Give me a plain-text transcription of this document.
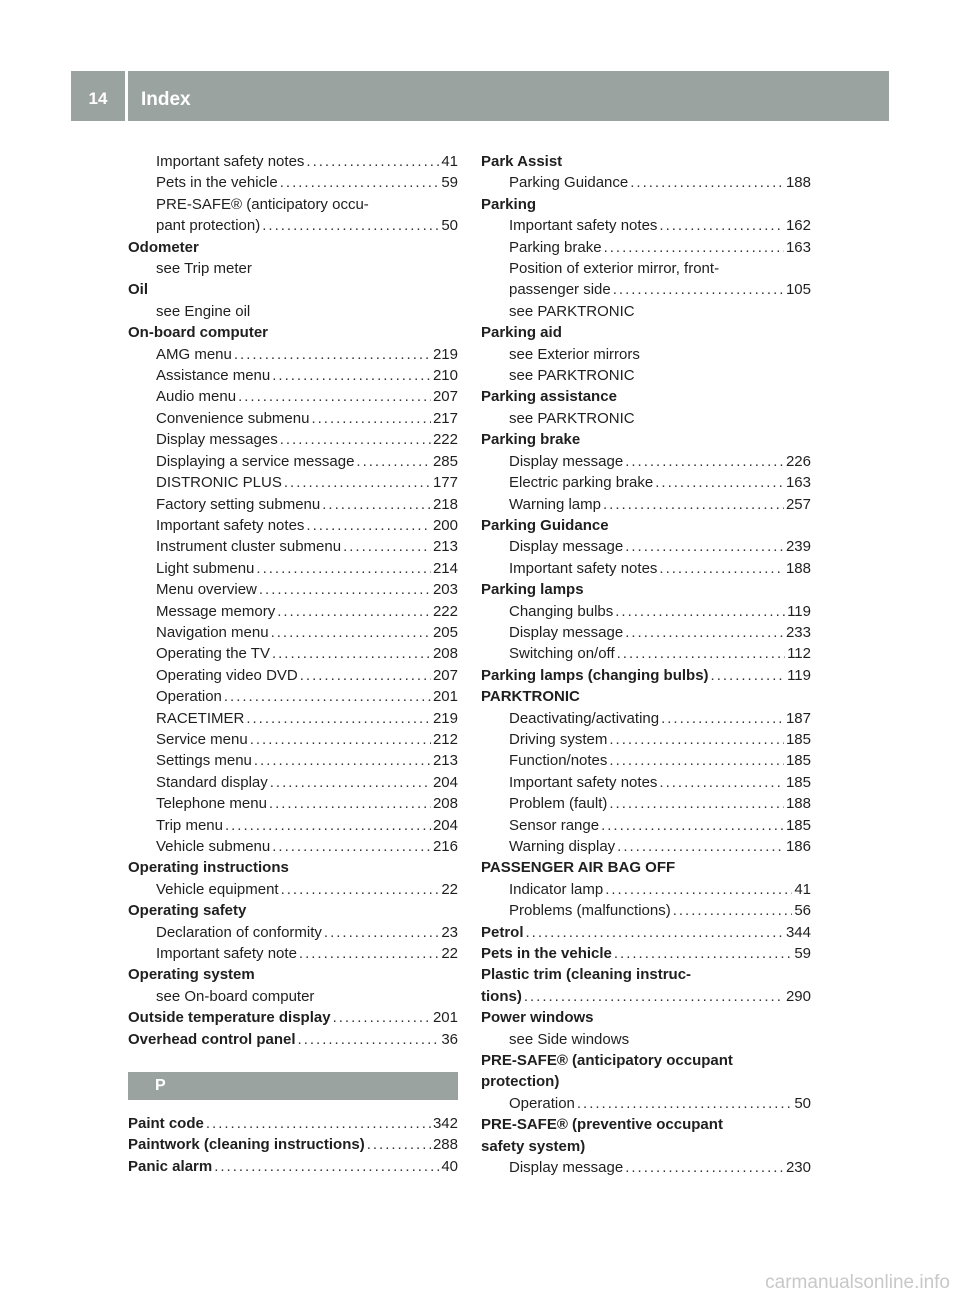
14	Index
Important safety notes .....	41
Pets in the vehicle .....	59
PRE-SAFE® (anticipatory occu-
pant protection) .....	50
Odometer
see Trip meter
Oil
see Engine oil
On-board computer
AMG menu .....	219
Assistance menu .....	210
Audio menu .....	207
Convenience submenu .....	217
Display messages .....	222
Displaying a service message .....	285
DISTRONIC PLUS .....	177
Factory setting submenu .....	218
Important safety notes .....	200
Instrument cluster submenu .....	213
Light submenu .....	214
Menu overview .....	203
Message memory .....	222
Navigation menu .....	205
Operating the TV .....	208
Operating video DVD .....	207
Operation .....	201
RACETIMER .....	219
Service menu .....	212
Settings menu .....	213
Standard display .....	204
Telephone menu .....	208
Trip menu .....	204
Vehicle submenu .....	216
Operating instructions
Vehicle equipment .....	22
Operating safety
Declaration of conformity .....	23
Important safety note .....	22
Operating system
see On-board computer
Outside temperature display .....	201
Overhead control panel .....	36
P
Paint code .....	342
Paintwork (cleaning instructions) .....	288
Panic alarm .....	40
Park Assist
Parking Guidance .....	188
Parking
Important safety notes .....	162
Parking brake .....	163
Position of exterior mirror, front-
passenger side .....	105
see PARKTRONIC
Parking aid
see Exterior mirrors
see PARKTRONIC
Parking assistance
see PARKTRONIC
Parking brake
Display message .....	226
Electric parking brake .....	163
Warning lamp .....	257
Parking Guidance
Display message .....	239
Important safety notes .....	188
Parking lamps
Changing bulbs .....	119
Display message .....	233
Switching on/off .....	112
Parking lamps (changing bulbs) .....	119
PARKTRONIC
Deactivating/activating .....	187
Driving system .....	185
Function/notes .....	185
Important safety notes .....	185
Problem (fault) .....	188
Sensor range .....	185
Warning display .....	186
PASSENGER AIR BAG OFF
Indicator lamp .....	41
Problems (malfunctions) .....	56
Petrol .....	344
Pets in the vehicle .....	59
Plastic trim (cleaning instruc-
tions) .....	290
Power windows
see Side windows
PRE-SAFE® (anticipatory occupant
protection)
Operation .....	50
PRE-SAFE® (preventive occupant
safety system)
Display message .....	230
carmanualsonline.info
